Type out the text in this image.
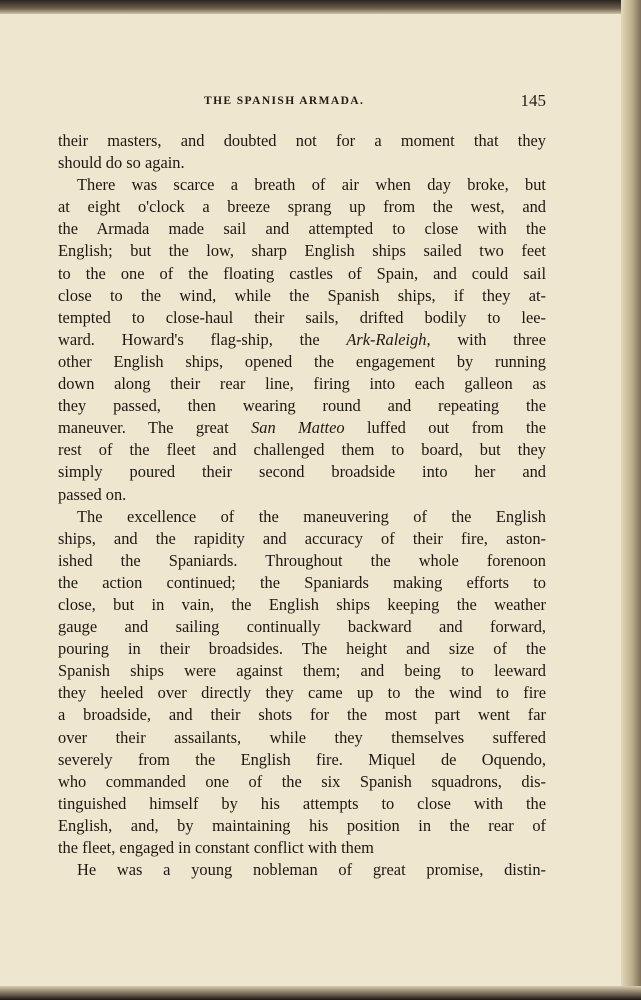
THE SPANISH ARMADA.	145
their masters, and doubted not for a moment that they
should do so again.
There was scarce a breath of air when day broke, but
at eight o'clock a breeze sprang up from the west, and
the Armada made sail and attempted to close with the
English; but the low, sharp English ships sailed two feet
to the one of the floating castles of Spain, and could sail
close to the wind, while the Spanish ships, if they at-
tempted to close-haul their sails, drifted bodily to lee-
ward. Howard's flag-ship, the Ark-Raleigh, with three
other English ships, opened the engagement by running
down along their rear line, firing into each galleon as
they passed, then wearing round and repeating the
maneuver. The great San Matteo luffed out from the
rest of the fleet and challenged them to board, but they
simply poured their second broadside into her and
passed on.
The excellence of the maneuvering of the English
ships, and the rapidity and accuracy of their fire, aston-
ished the Spaniards. Throughout the whole forenoon
the action continued; the Spaniards making efforts to
close, but in vain, the English ships keeping the weather
gauge and sailing continually backward and forward,
pouring in their broadsides. The height and size of the
Spanish ships were against them; and being to leeward
they heeled over directly they came up to the wind to fire
a broadside, and their shots for the most part went far
over their assailants, while they themselves suffered
severely from the English fire. Miquel de Oquendo,
who commanded one of the six Spanish squadrons, dis-
tinguished himself by his attempts to close with the
English, and, by maintaining his position in the rear of
the fleet, engaged in constant conflict with them
He was a young nobleman of great promise, distin-
